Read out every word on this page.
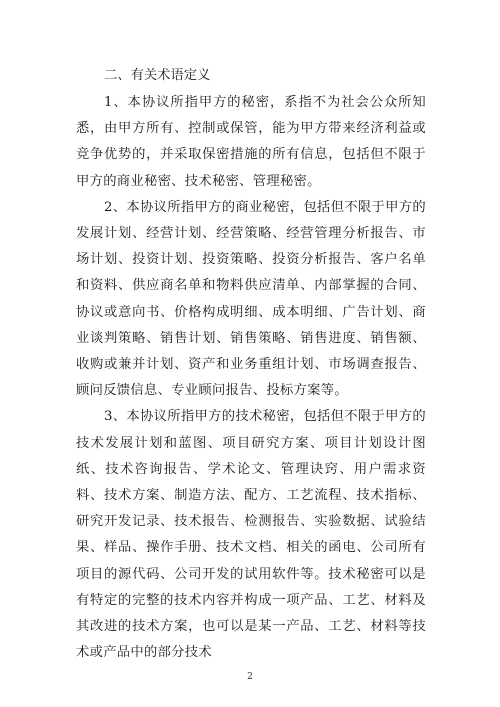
二、有关术语定义

1、本协议所指甲方的秘密，系指不为社会公众所知悉，由甲方所有、控制或保管，能为甲方带来经济利益或竞争优势的，并采取保密措施的所有信息，包括但不限于甲方的商业秘密、技术秘密、管理秘密。

2、本协议所指甲方的商业秘密，包括但不限于甲方的发展计划、经营计划、经营策略、经营管理分析报告、市场计划、投资计划、投资策略、投资分析报告、客户名单和资料、供应商名单和物料供应清单、内部掌握的合同、协议或意向书、价格构成明细、成本明细、广告计划、商业谈判策略、销售计划、销售策略、销售进度、销售额、收购或兼并计划、资产和业务重组计划、市场调查报告、顾问反馈信息、专业顾问报告、投标方案等。

3、本协议所指甲方的技术秘密，包括但不限于甲方的技术发展计划和蓝图、项目研究方案、项目计划设计图纸、技术咨询报告、学术论文、管理诀窍、用户需求资料、技术方案、制造方法、配方、工艺流程、技术指标、研究开发记录、技术报告、检测报告、实验数据、试验结果、样品、操作手册、技术文档、相关的函电、公司所有项目的源代码、公司开发的试用软件等。技术秘密可以是有特定的完整的技术内容并构成一项产品、工艺、材料及其改进的技术方案，也可以是某一产品、工艺、材料等技术或产品中的部分技术

2
